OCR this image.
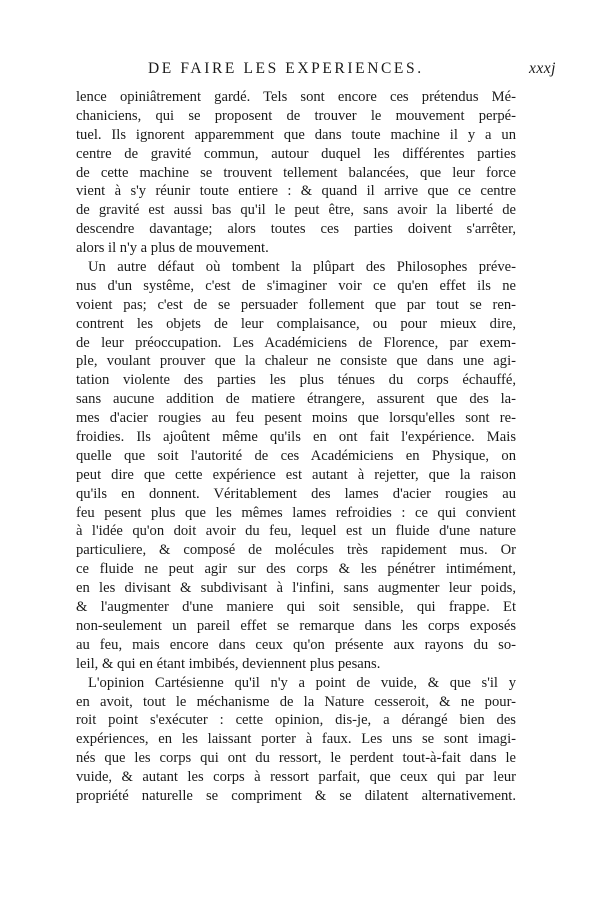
DE FAIRE LES EXPERIENCES.	xxxj
lence opiniâtrement gardé. Tels sont encore ces prétendus Mé-
chaniciens, qui se proposent de trouver le mouvement perpé-
tuel. Ils ignorent apparemment que dans toute machine il y a un
centre de gravité commun, autour duquel les différentes parties
de cette machine se trouvent tellement balancées, que leur force
vient à s'y réunir toute entiere : & quand il arrive que ce centre
de gravité est aussi bas qu'il le peut être, sans avoir la liberté de
descendre davantage; alors toutes ces parties doivent s'arrêter,
alors il n'y a plus de mouvement.
Un autre défaut où tombent la plûpart des Philosophes préve-
nus d'un systême, c'est de s'imaginer voir ce qu'en effet ils ne
voient pas; c'est de se persuader follement que par tout se ren-
contrent les objets de leur complaisance, ou pour mieux dire,
de leur préoccupation. Les Académiciens de Florence, par exem-
ple, voulant prouver que la chaleur ne consiste que dans une agi-
tation violente des parties les plus ténues du corps échauffé,
sans aucune addition de matiere étrangere, assurent que des la-
mes d'acier rougies au feu pesent moins que lorsqu'elles sont re-
froidies. Ils ajoûtent même qu'ils en ont fait l'expérience. Mais
quelle que soit l'autorité de ces Académiciens en Physique, on
peut dire que cette expérience est autant à rejetter, que la raison
qu'ils en donnent. Véritablement des lames d'acier rougies au
feu pesent plus que les mêmes lames refroidies : ce qui convient
à l'idée qu'on doit avoir du feu, lequel est un fluide d'une nature
particuliere, & composé de molécules très rapidement mus. Or
ce fluide ne peut agir sur des corps & les pénétrer intimément,
en les divisant & subdivisant à l'infini, sans augmenter leur poids,
& l'augmenter d'une maniere qui soit sensible, qui frappe. Et
non-seulement un pareil effet se remarque dans les corps exposés
au feu, mais encore dans ceux qu'on présente aux rayons du so-
leil, & qui en étant imbibés, deviennent plus pesans.
L'opinion Cartésienne qu'il n'y a point de vuide, & que s'il y
en avoit, tout le méchanisme de la Nature cesseroit, & ne pour-
roit point s'exécuter : cette opinion, dis-je, a dérangé bien des
expériences, en les laissant porter à faux. Les uns se sont imagi-
nés que les corps qui ont du ressort, le perdent tout-à-fait dans le
vuide, & autant les corps à ressort parfait, que ceux qui par leur
propriété naturelle se compriment & se dilatent alternativement.
